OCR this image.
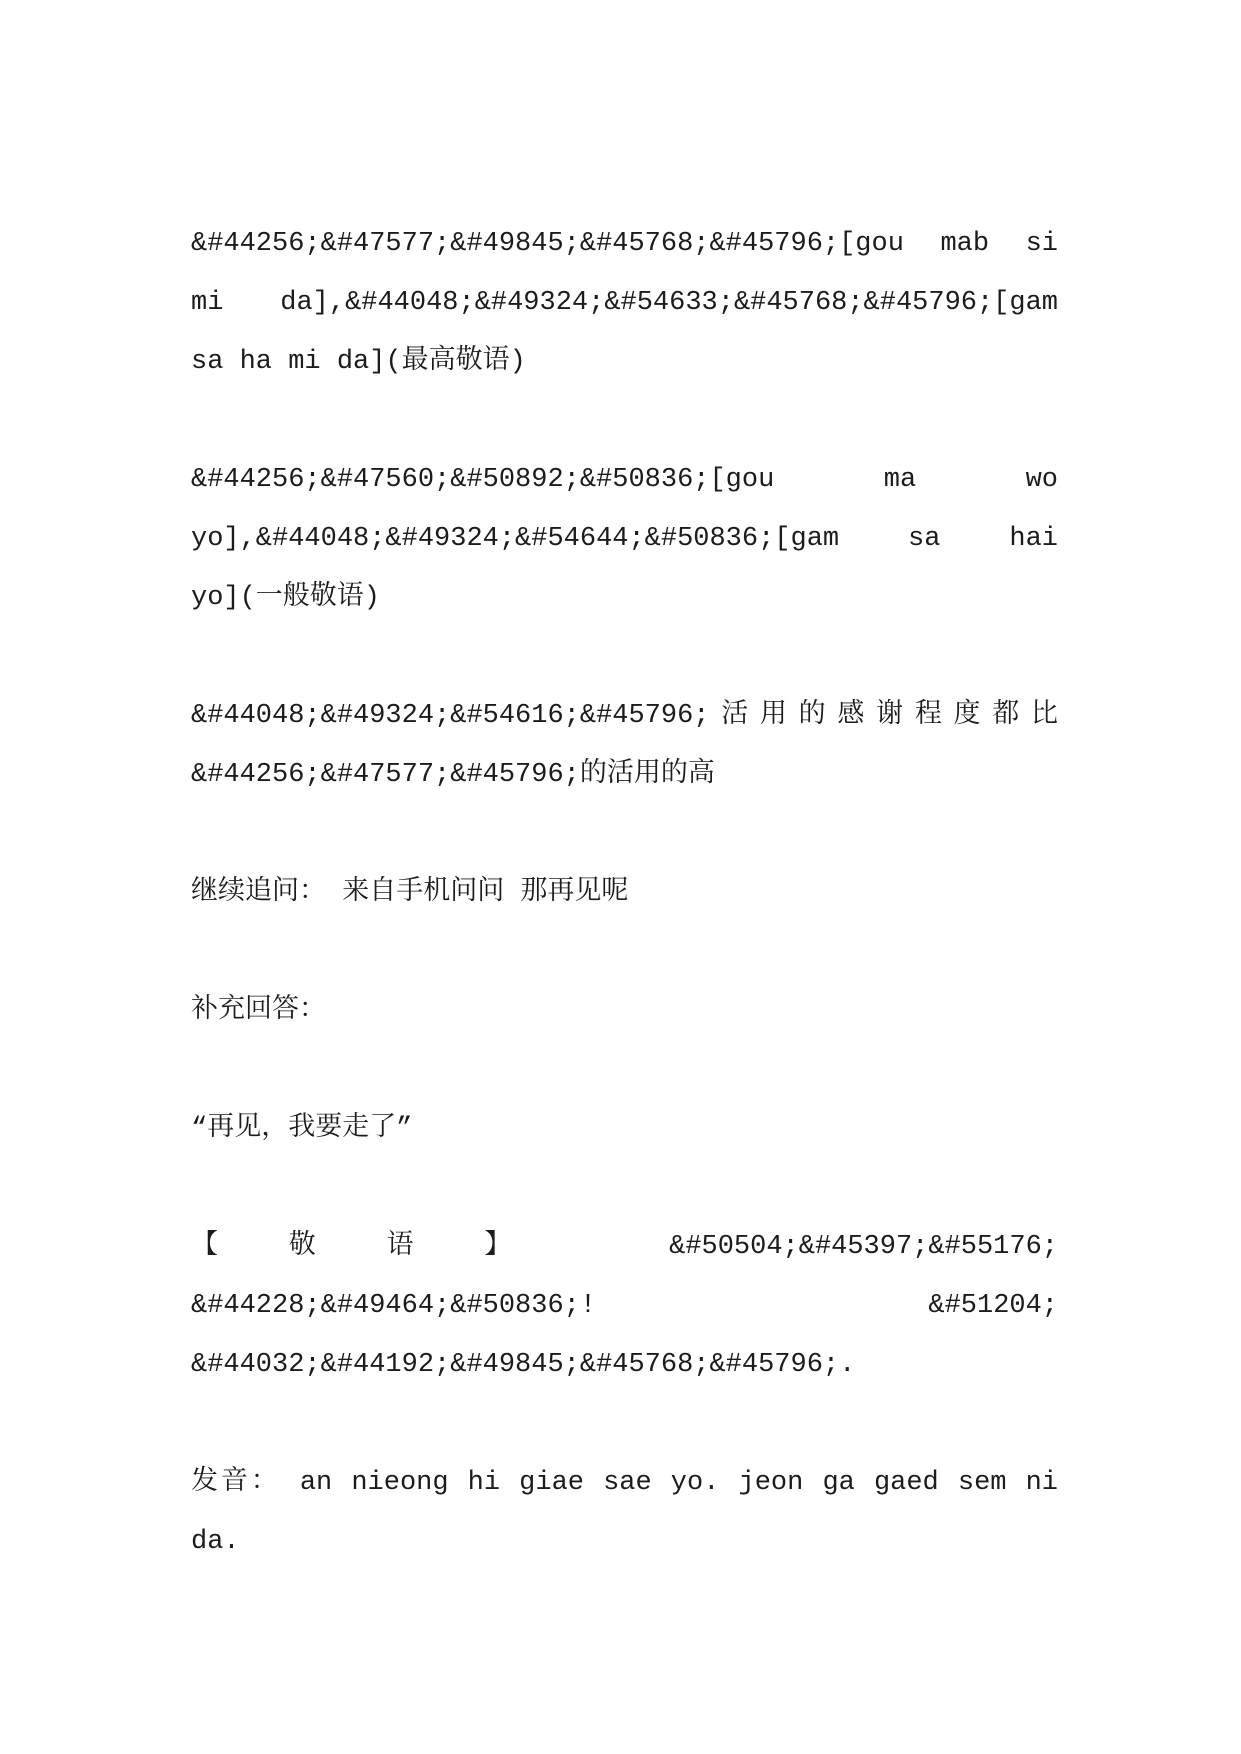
&#44256;&#47577;&#49845;&#45768;&#45796;[gou mab si
mi da],&#44048;&#49324;&#54633;&#45768;&#45796;[gam
sa ha mi da](最高敬语)
&#44256;&#47560;&#50892;&#50836;[gou ma wo
yo],&#44048;&#49324;&#54644;&#50836;[gam sa hai
yo](一般敬语)
&#44048;&#49324;&#54616;&#45796;活用的感谢程度都比
&#44256;&#47577;&#45796;的活用的高
继续追问： 来自手机问问 那再见呢
补充回答：
“再见，我要走了”
【敬语】 &#50504;&#45397;&#55176;
&#44228;&#49464;&#50836;! &#51204;
&#44032;&#44192;&#49845;&#45768;&#45796;.
发音： an nieong hi giae sae yo. jeon ga gaed sem ni
da.
